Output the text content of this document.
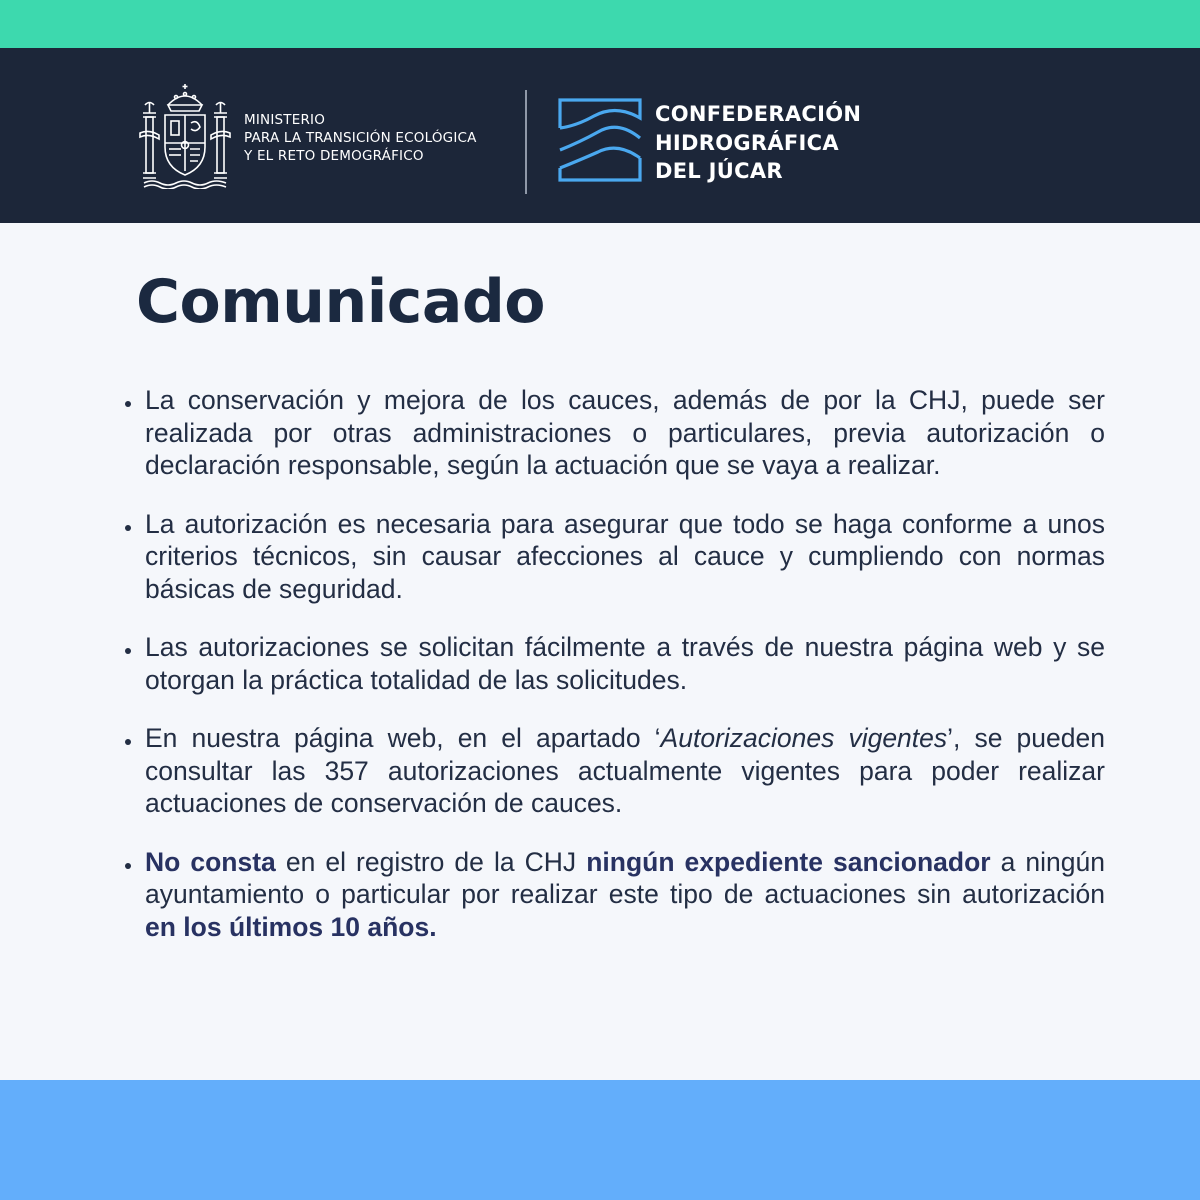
MINISTERIO
PARA LA TRANSICIÓN ECOLÓGICA
Y EL RETO DEMOGRÁFICO
CONFEDERACIÓN
HIDROGRÁFICA
DEL JÚCAR
Comunicado
La conservación y mejora de los cauces, además de por la CHJ, puede ser realizada por otras administraciones o particulares, previa autorización o declaración responsable, según la actuación que se vaya a realizar.
La autorización es necesaria para asegurar que todo se haga conforme a unos criterios técnicos, sin causar afecciones al cauce y cumpliendo con normas básicas de seguridad.
Las autorizaciones se solicitan fácilmente a través de nuestra página web y se otorgan la práctica totalidad de las solicitudes.
En nuestra página web, en el apartado ‘Autorizaciones vigentes’, se pueden consultar las 357 autorizaciones actualmente vigentes para poder realizar actuaciones de conservación de cauces.
No consta en el registro de la CHJ ningún expediente sancionador a ningún ayuntamiento o particular por realizar este tipo de actuaciones sin autorización en los últimos 10 años.
